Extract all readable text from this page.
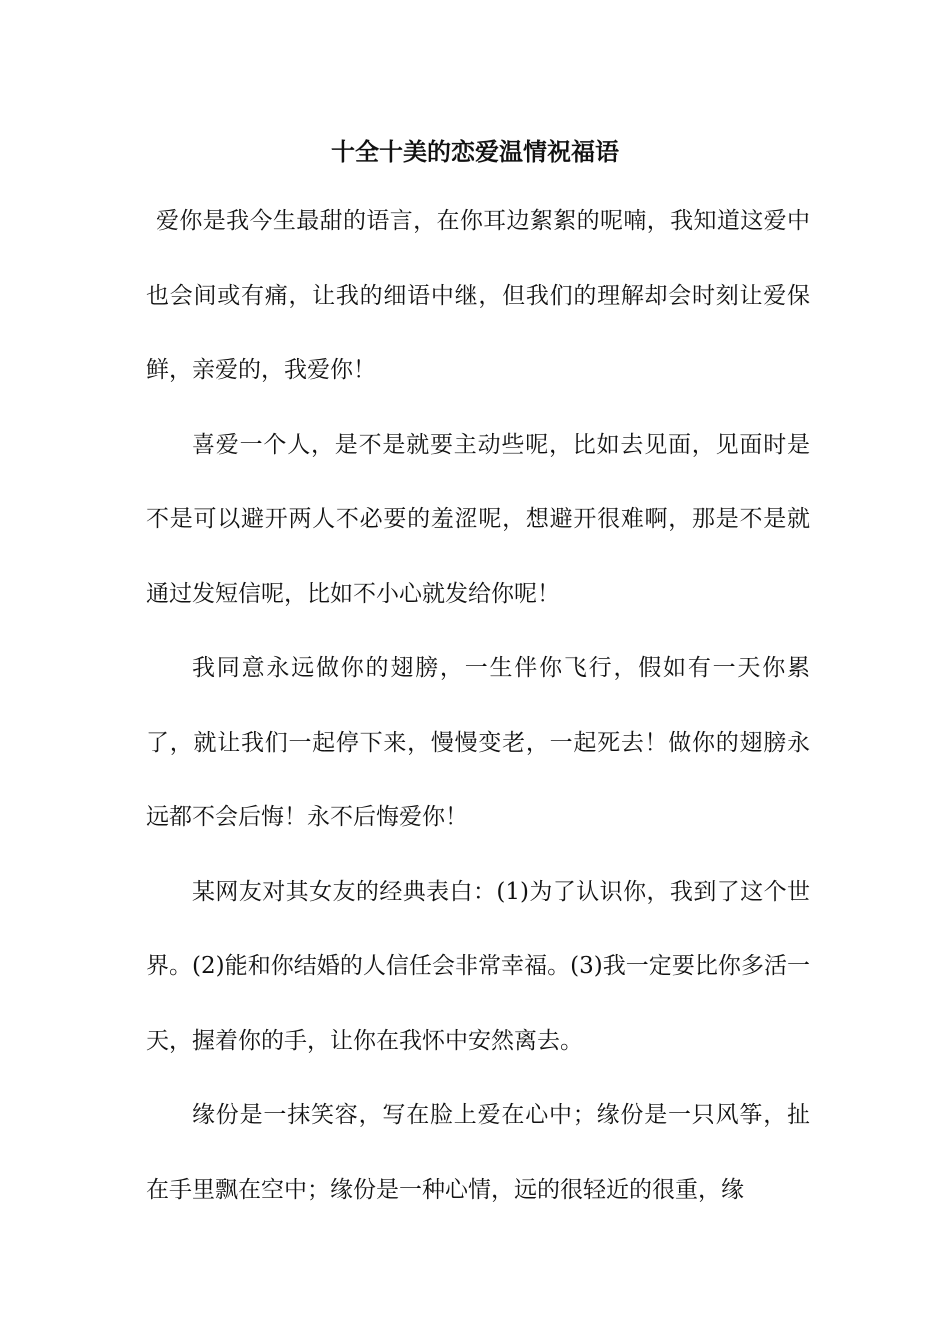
十全十美的恋爱温情祝福语

爱你是我今生最甜的语言，在你耳边絮絮的呢喃，我知道这爱中也会间或有痛，让我的细语中继，但我们的理解却会时刻让爱保鲜，亲爱的，我爱你！

喜爱一个人，是不是就要主动些呢，比如去见面，见面时是不是可以避开两人不必要的羞涩呢，想避开很难啊，那是不是就通过发短信呢，比如不小心就发给你呢！

我同意永远做你的翅膀，一生伴你飞行，假如有一天你累了，就让我们一起停下来，慢慢变老，一起死去！做你的翅膀永远都不会后悔！永不后悔爱你！

某网友对其女友的经典表白：(1)为了认识你，我到了这个世界。(2)能和你结婚的人信任会非常幸福。(3)我一定要比你多活一天，握着你的手，让你在我怀中安然离去。

缘份是一抹笑容，写在脸上爱在心中；缘份是一只风筝，扯在手里飘在空中；缘份是一种心情，远的很轻近的很重，缘
